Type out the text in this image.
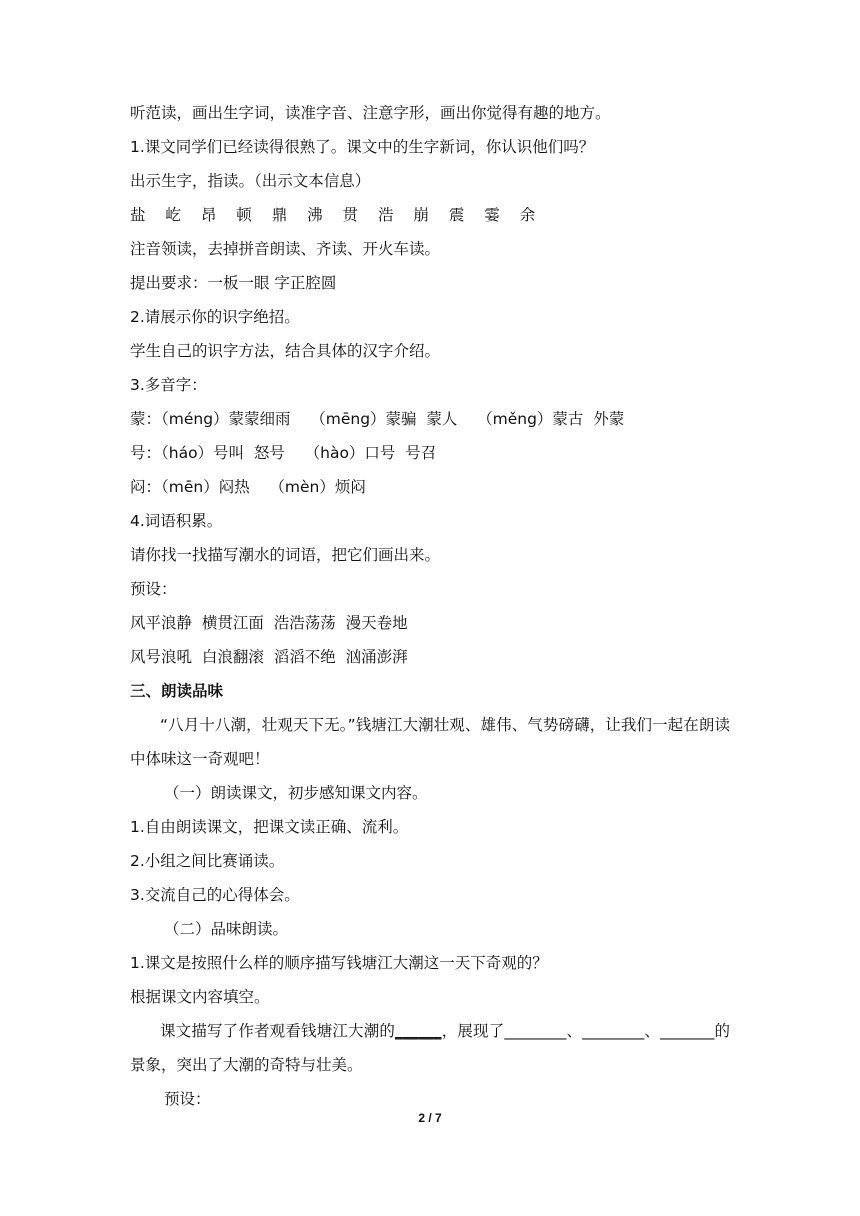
听范读，画出生字词，读准字音、注意字形，画出你觉得有趣的地方。
1.课文同学们已经读得很熟了。课文中的生字新词，你认识他们吗？
出示生字，指读。（出示文本信息）
盐 屹 昂 顿 鼎 沸 贯 浩 崩 震 霎 余
注音领读，去掉拼音朗读、齐读、开火车读。
提出要求：一板一眼 字正腔圆
2.请展示你的识字绝招。
学生自己的识字方法，结合具体的汉字介绍。
3.多音字：
蒙：（méng）蒙蒙细雨    （mēng）蒙骗  蒙人    （měng）蒙古  外蒙
号：（háo）号叫  怒号    （hào）口号  号召
闷：（mēn）闷热    （mèn）烦闷
4.词语积累。
请你找一找描写潮水的词语，把它们画出来。
预设：
风平浪静  横贯江面  浩浩荡荡  漫天卷地
风号浪吼  白浪翻滚  滔滔不绝  汹涌澎湃
三、朗读品味
“八月十八潮，壮观天下无。”钱塘江大潮壮观、雄伟、气势磅礴，让我们一起在朗读中体味这一奇观吧！
（一）朗读课文，初步感知课文内容。
1.自由朗读课文，把课文读正确、流利。
2.小组之间比赛诵读。
3.交流自己的心得体会。
（二）品味朗读。
1.课文是按照什么样的顺序描写钱塘江大潮这一天下奇观的？
根据课文内容填空。
课文描写了作者观看钱塘江大潮的______，展现了________、________、_______的景象，突出了大潮的奇特与壮美。
预设：
2 / 7
